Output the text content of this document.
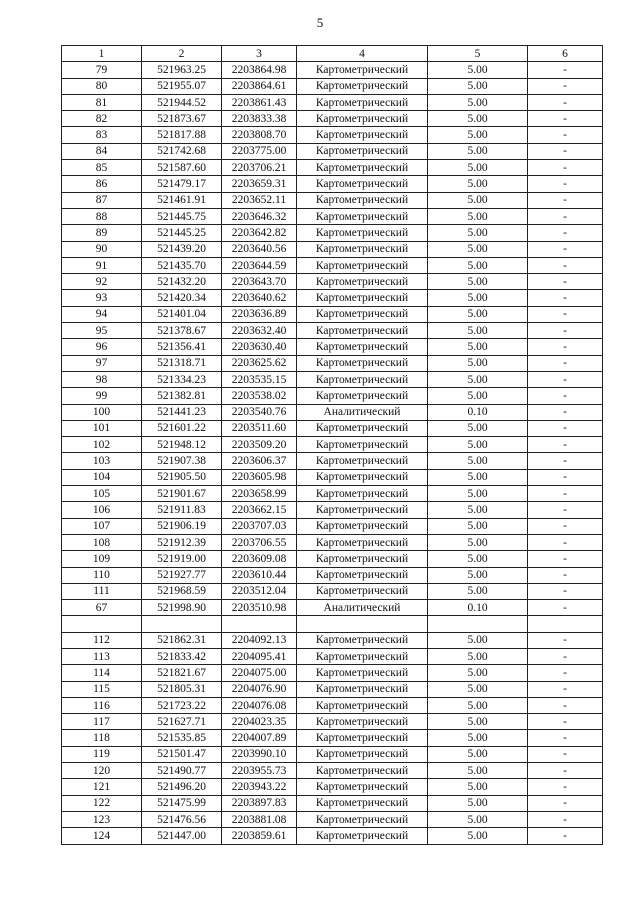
5
1	2	3	4	5	6
79	521963.25	2203864.98	Картометрический	5.00	-
80	521955.07	2203864.61	Картометрический	5.00	-
81	521944.52	2203861.43	Картометрический	5.00	-
82	521873.67	2203833.38	Картометрический	5.00	-
83	521817.88	2203808.70	Картометрический	5.00	-
84	521742.68	2203775.00	Картометрический	5.00	-
85	521587.60	2203706.21	Картометрический	5.00	-
86	521479.17	2203659.31	Картометрический	5.00	-
87	521461.91	2203652.11	Картометрический	5.00	-
88	521445.75	2203646.32	Картометрический	5.00	-
89	521445.25	2203642.82	Картометрический	5.00	-
90	521439.20	2203640.56	Картометрический	5.00	-
91	521435.70	2203644.59	Картометрический	5.00	-
92	521432.20	2203643.70	Картометрический	5.00	-
93	521420.34	2203640.62	Картометрический	5.00	-
94	521401.04	2203636.89	Картометрический	5.00	-
95	521378.67	2203632.40	Картометрический	5.00	-
96	521356.41	2203630.40	Картометрический	5.00	-
97	521318.71	2203625.62	Картометрический	5.00	-
98	521334.23	2203535.15	Картометрический	5.00	-
99	521382.81	2203538.02	Картометрический	5.00	-
100	521441.23	2203540.76	Аналитический	0.10	-
101	521601.22	2203511.60	Картометрический	5.00	-
102	521948.12	2203509.20	Картометрический	5.00	-
103	521907.38	2203606.37	Картометрический	5.00	-
104	521905.50	2203605.98	Картометрический	5.00	-
105	521901.67	2203658.99	Картометрический	5.00	-
106	521911.83	2203662.15	Картометрический	5.00	-
107	521906.19	2203707.03	Картометрический	5.00	-
108	521912.39	2203706.55	Картометрический	5.00	-
109	521919.00	2203609.08	Картометрический	5.00	-
110	521927.77	2203610.44	Картометрический	5.00	-
111	521968.59	2203512.04	Картометрический	5.00	-
67	521998.90	2203510.98	Аналитический	0.10	-

112	521862.31	2204092.13	Картометрический	5.00	-
113	521833.42	2204095.41	Картометрический	5.00	-
114	521821.67	2204075.00	Картометрический	5.00	-
115	521805.31	2204076.90	Картометрический	5.00	-
116	521723.22	2204076.08	Картометрический	5.00	-
117	521627.71	2204023.35	Картометрический	5.00	-
118	521535.85	2204007.89	Картометрический	5.00	-
119	521501.47	2203990.10	Картометрический	5.00	-
120	521490.77	2203955.73	Картометрический	5.00	-
121	521496.20	2203943.22	Картометрический	5.00	-
122	521475.99	2203897.83	Картометрический	5.00	-
123	521476.56	2203881.08	Картометрический	5.00	-
124	521447.00	2203859.61	Картометрический	5.00	-
